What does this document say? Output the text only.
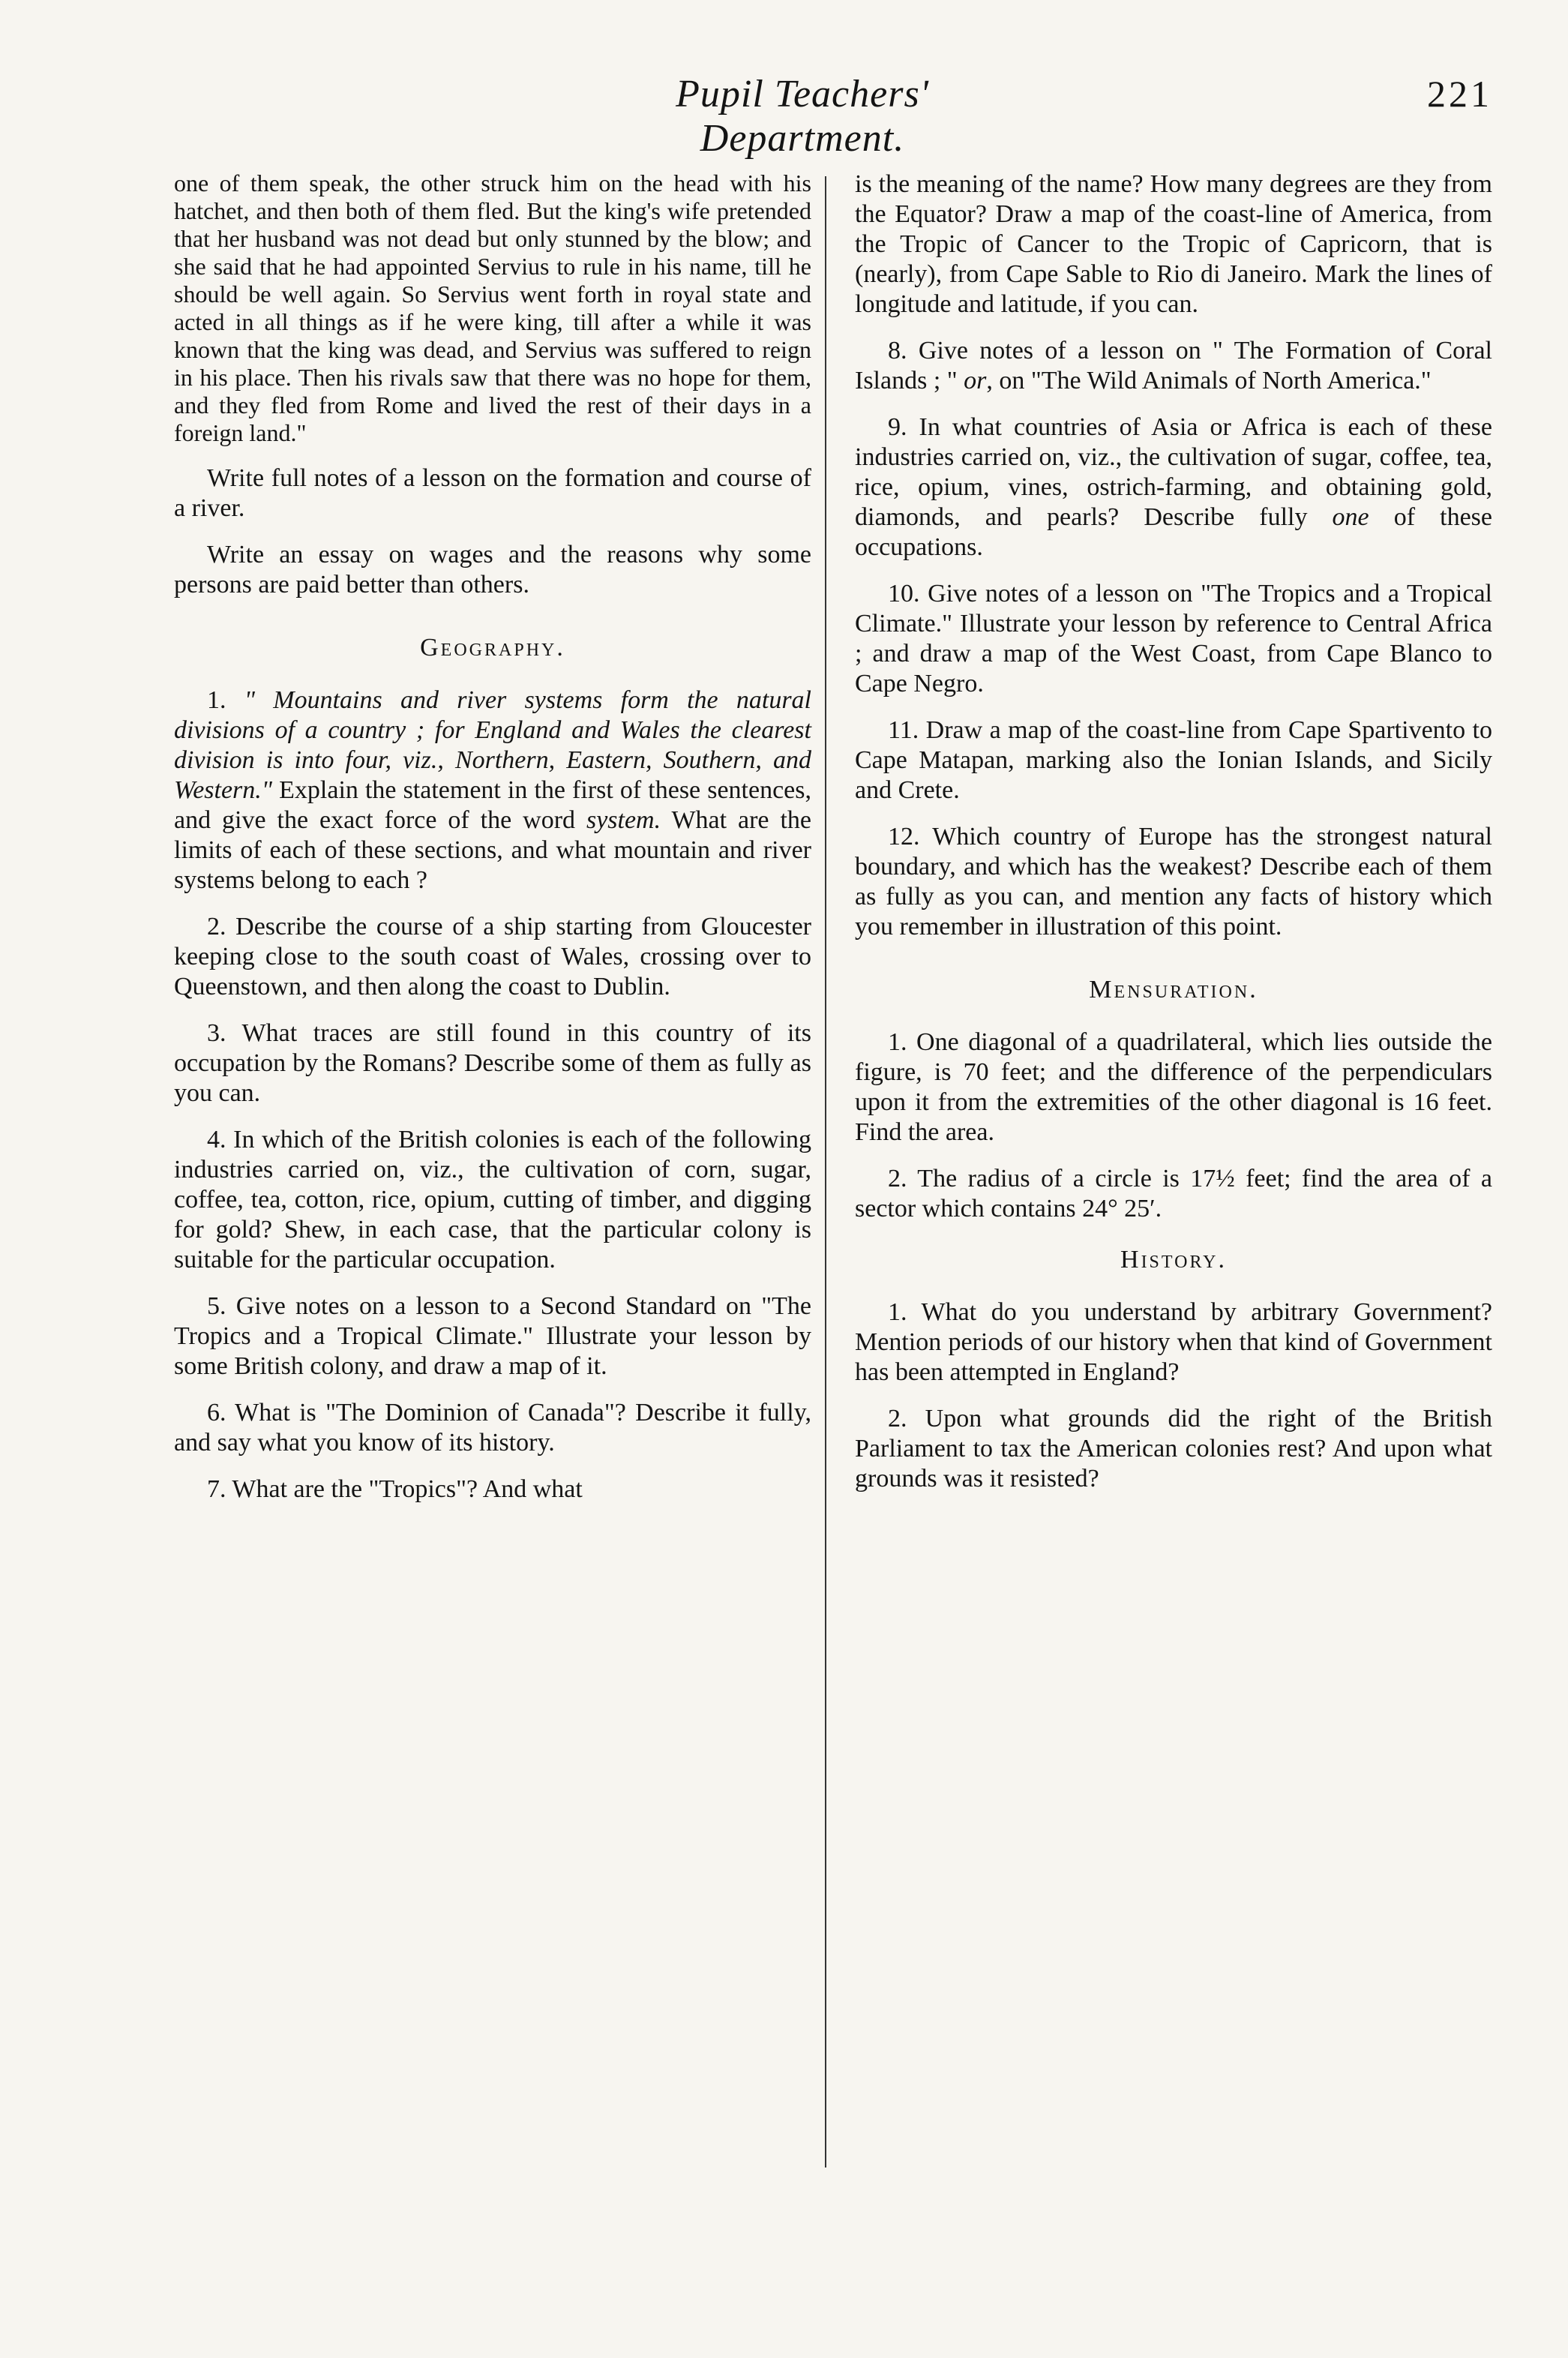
Pupil Teachers' Department.
221

one of them speak, the other struck him on the head with his hatchet, and then both of them fled. But the king's wife pretended that her husband was not dead but only stunned by the blow; and she said that he had appointed Servius to rule in his name, till he should be well again. So Servius went forth in royal state and acted in all things as if he were king, till after a while it was known that the king was dead, and Servius was suffered to reign in his place. Then his rivals saw that there was no hope for them, and they fled from Rome and lived the rest of their days in a foreign land."

Write full notes of a lesson on the formation and course of a river.

Write an essay on wages and the reasons why some persons are paid better than others.

Geography.

1. " Mountains and river systems form the natural divisions of a country ; for England and Wales the clearest division is into four, viz., Northern, Eastern, Southern, and Western." Explain the statement in the first of these sentences, and give the exact force of the word system. What are the limits of each of these sections, and what mountain and river systems belong to each ?

2. Describe the course of a ship starting from Gloucester keeping close to the south coast of Wales, crossing over to Queenstown, and then along the coast to Dublin.

3. What traces are still found in this country of its occupation by the Romans? Describe some of them as fully as you can.

4. In which of the British colonies is each of the following industries carried on, viz., the cultivation of corn, sugar, coffee, tea, cotton, rice, opium, cutting of timber, and digging for gold? Shew, in each case, that the particular colony is suitable for the particular occupation.

5. Give notes on a lesson to a Second Standard on "The Tropics and a Tropical Climate." Illustrate your lesson by some British colony, and draw a map of it.

6. What is "The Dominion of Canada"? Describe it fully, and say what you know of its history.

7. What are the "Tropics"? And what

is the meaning of the name? How many degrees are they from the Equator? Draw a map of the coast-line of America, from the Tropic of Cancer to the Tropic of Capricorn, that is (nearly), from Cape Sable to Rio di Janeiro. Mark the lines of longitude and latitude, if you can.

8. Give notes of a lesson on " The Formation of Coral Islands ; " or, on "The Wild Animals of North America."

9. In what countries of Asia or Africa is each of these industries carried on, viz., the cultivation of sugar, coffee, tea, rice, opium, vines, ostrich-farming, and obtaining gold, diamonds, and pearls? Describe fully one of these occupations.

10. Give notes of a lesson on "The Tropics and a Tropical Climate." Illustrate your lesson by reference to Central Africa ; and draw a map of the West Coast, from Cape Blanco to Cape Negro.

11. Draw a map of the coast-line from Cape Spartivento to Cape Matapan, marking also the Ionian Islands, and Sicily and Crete.

12. Which country of Europe has the strongest natural boundary, and which has the weakest? Describe each of them as fully as you can, and mention any facts of history which you remember in illustration of this point.

Mensuration.

1. One diagonal of a quadrilateral, which lies outside the figure, is 70 feet; and the difference of the perpendiculars upon it from the extremities of the other diagonal is 16 feet. Find the area.

2. The radius of a circle is 17½ feet; find the area of a sector which contains 24° 25′.

History.

1. What do you understand by arbitrary Government? Mention periods of our history when that kind of Government has been attempted in England?

2. Upon what grounds did the right of the British Parliament to tax the American colonies rest? And upon what grounds was it resisted?
